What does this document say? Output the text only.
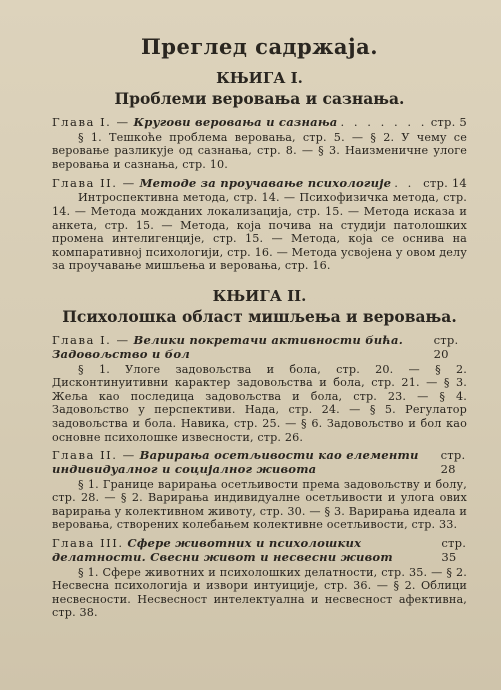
Преглед садржаја.
КЊИГА I.
Проблеми веровања и сазнања.
Глава I. —
Кругови веровања и сазнања . . .	стр. 5
§ 1. Тешкоће проблема веровања, стр. 5. — § 2. У чему се веровање разликује од сазнања, стр. 8. — § 3. Наизменичне улоге веровања и сазнања, стр. 10.
Глава II. —
Методе за проучавање психологије . . .	стр. 14
Интроспективна метода, стр. 14. — Психофизичка метода, стр. 14. — Метода мождaних локализација, стр. 15. — Метода исказа и анкета, стр. 15. — Метода, која почива на студији патолошких промена интелигенције, стр. 15. — Метода, која се оснива на компаративној психологији, стр. 16. — Метода усвојена у овом делу за проучавање мишљења и веровања, стр. 16.
КЊИГА II.
Психолошка област мишљења и веровања.
Глава I. — Велики покретачи активности бића. Задовољство и бол
стр. 20
§ 1. Улоге задовољства и бола, стр. 20. — § 2. Дисконтинуитивни карактер задовољства и бола, стр. 21. — § 3. Жеља као последица задовољства и бола, стр. 23. — § 4. Задовољство у перспективи. Нада, стр. 24. — § 5. Регулатор задовољства и бола. Навика, стр. 25. — § 6. Задовољство и бол као основне психолошке извесности, стр. 26.
Глава II. — Варирања осетљивости као елементи индивидуалног и социјалног живота
стр. 28
§ 1. Границе варирања осетљивости према задовољству и болу, стр. 28. — § 2. Варирања индивидуалне осетљивости и улога ових варирања у колективном животу, стр. 30. — § 3. Варирања идеала и веровања, створених колебањем колективне осетљивости, стр. 33.
Глава III. Сфере животних и психолошких делатности. Свесни живот и несвесни живот
стр. 35
§ 1. Сфере животних и психолошких делатности, стр. 35. — § 2. Несвесна психологија и извори интуиције, стр. 36. — § 2. Облици несвесности. Несвесност интелектуална и несвесност афективна, стр. 38.
